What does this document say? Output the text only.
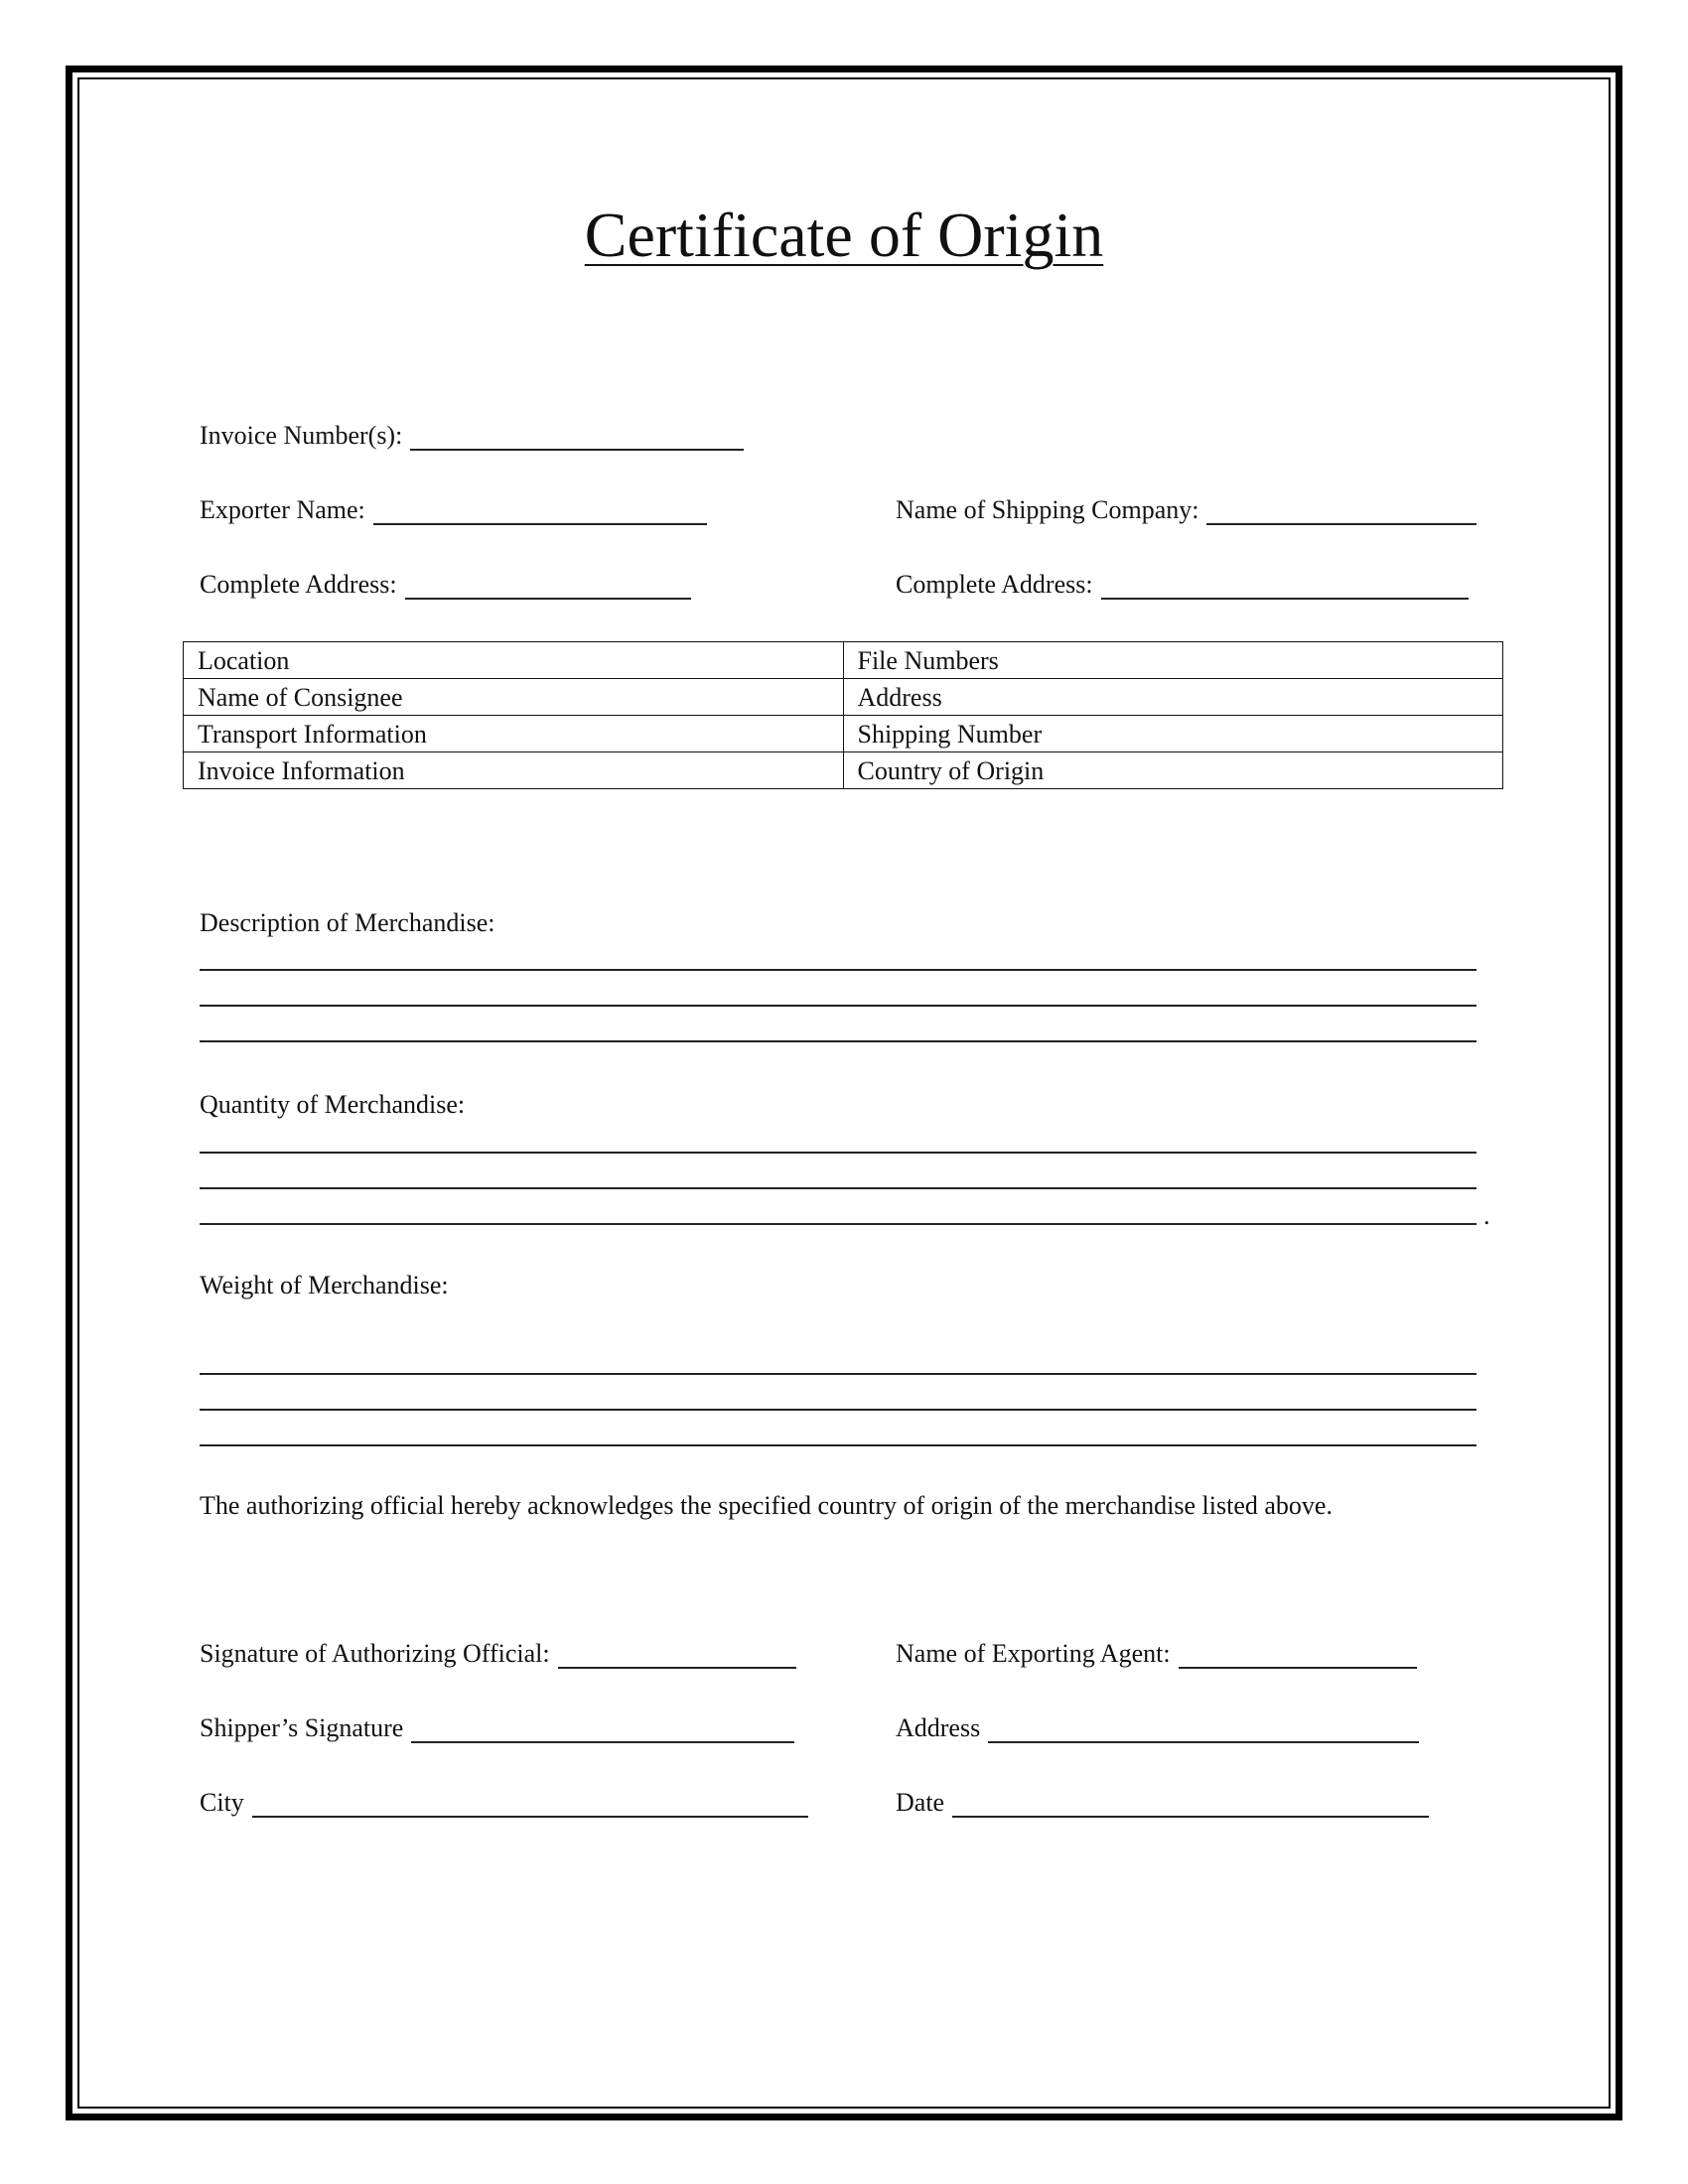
Certificate of Origin
Invoice Number(s):
Exporter Name:	Name of Shipping Company:
Complete Address:	Complete Address:
Location	File Numbers
Name of Consignee	Address
Transport Information	Shipping Number
Invoice Information	Country of Origin
Description of Merchandise:
Quantity of Merchandise:
.
Weight of Merchandise:
The authorizing official hereby acknowledges the specified country of origin of the merchandise listed above.
Signature of Authorizing Official:	Name of Exporting Agent:
Shipper’s Signature	Address
City	Date
